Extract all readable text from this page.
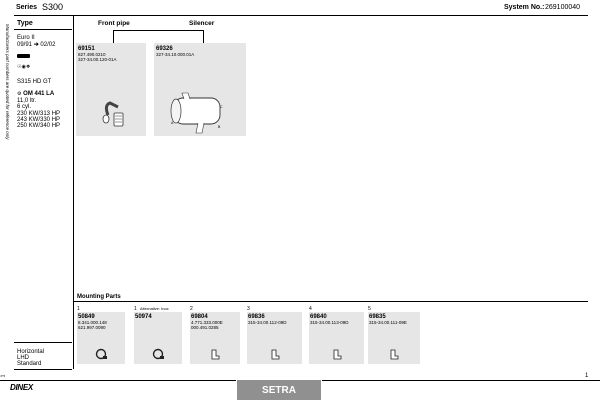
Series S300	System No.: 269100040
Manufacturers part numbers are quoted for reference only
Type
Euro II
09/91 ➔ 02/02
☉◉❖
S315 HD GT
⚙ OM 441 LA
11,0 ltr.
6 cyl.
230 KW/313 HP
243 KW/330 HP
250 KW/340 HP
Horizontal
LHD
Standard
Front pipe	Silencer
69151
827.490.0210
327-34.00.120-01A
69326
327-34.10.000.01A
C
A
B
Mounting Parts
1
50849
8.341.000.148
621.997.0090
1 Alternative: Inox
50974
2
69804
4.771.333.000E
000.491.0285
3
69836
315-34.00.112-09D
4
69840
315-34.00.113-09D
5
69835
315-34.00.111-09E
1
1
DINEX	SETRA
